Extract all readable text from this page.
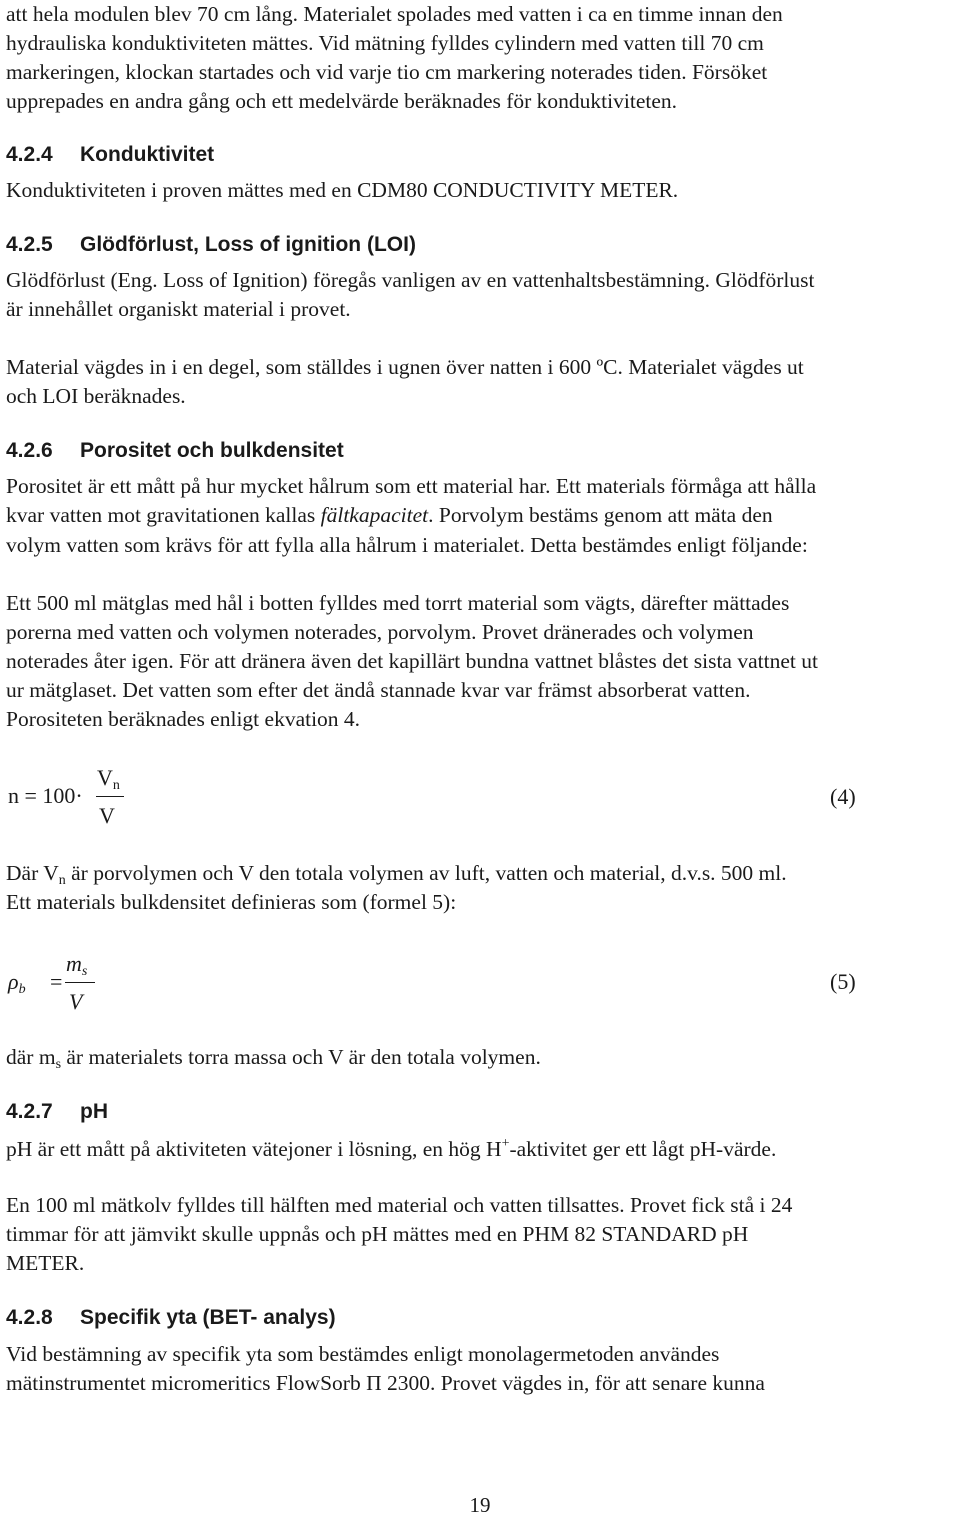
att hela modulen blev 70 cm lång. Materialet spolades med vatten i ca en timme innan den
hydrauliska konduktiviteten mättes. Vid mätning fylldes cylindern med vatten till 70 cm
markeringen, klockan startades och vid varje tio cm markering noterades tiden. Försöket
upprepades en andra gång och ett medelvärde beräknades för konduktiviteten.
4.2.4 Konduktivitet
Konduktiviteten i proven mättes med en CDM80 CONDUCTIVITY METER.
4.2.5 Glödförlust, Loss of ignition (LOI)
Glödförlust (Eng. Loss of Ignition) föregås vanligen av en vattenhaltsbestämning. Glödförlust
är innehållet organiskt material i provet.
Material vägdes in i en degel, som ställdes i ugnen över natten i 600 ºC. Materialet vägdes ut
och LOI beräknades.
4.2.6 Porositet och bulkdensitet
Porositet är ett mått på hur mycket hålrum som ett material har. Ett materials förmåga att hålla
kvar vatten mot gravitationen kallas fältkapacitet. Porvolym bestäms genom att mäta den
volym vatten som krävs för att fylla alla hålrum i materialet. Detta bestämdes enligt följande:
Ett 500 ml mätglas med hål i botten fylldes med torrt material som vägts, därefter mättades
porerna med vatten och volymen noterades, porvolym. Provet dränerades och volymen
noterades åter igen. För att dränera även det kapillärt bundna vattnet blåstes det sista vattnet ut
ur mätglaset. Det vatten som efter det ändå stannade kvar var främst absorberat vatten.
Porositeten beräknades enligt ekvation 4.
n = 100·
$V_n$
V
(4)
Där $V_n$ är porvolymen och V den totala volymen av luft, vatten och material, d.v.s. 500 ml.
Ett materials bulkdensitet definieras som (formel 5):
$\rho_b$ =
$m_s$
V
(5)
där $m_s$ är materialets torra massa och V är den totala volymen.
4.2.7 pH
pH är ett mått på aktiviteten vätejoner i lösning, en hög H+-aktivitet ger ett lågt pH-värde.
En 100 ml mätkolv fylldes till hälften med material och vatten tillsattes. Provet fick stå i 24
timmar för att jämvikt skulle uppnås och pH mättes med en PHM 82 STANDARD pH
METER.
4.2.8 Specifik yta (BET- analys)
Vid bestämning av specifik yta som bestämdes enligt monolagermetoden användes
mätinstrumentet micromeritics FlowSorb Π 2300. Provet vägdes in, för att senare kunna
19
